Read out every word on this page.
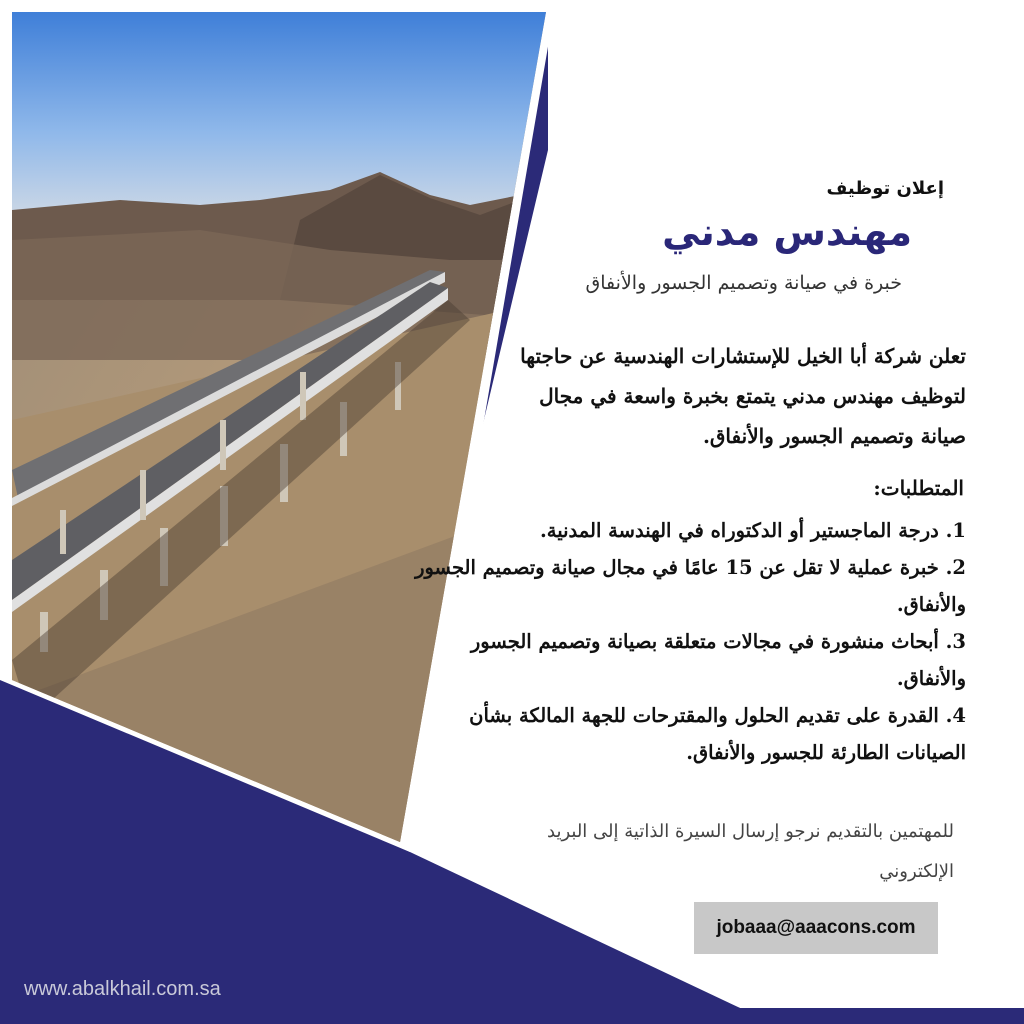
شركة أبا الخيل للإستشارات الهندسية
ABALKHAIL CONSULTING ENGINEERING CO.
إعلان توظيف
مهندس مدني
خبرة في صيانة وتصميم الجسور والأنفاق
تعلن شركة أبا الخيل للإستشارات الهندسية عن حاجتها لتوظيف مهندس مدني يتمتع بخبرة واسعة في مجال صيانة وتصميم الجسور والأنفاق.
المتطلبات:
1. درجة الماجستير أو الدكتوراه في الهندسة المدنية.
2. خبرة عملية لا تقل عن 15 عامًا في مجال صيانة وتصميم الجسور والأنفاق.
3. أبحاث منشورة في مجالات متعلقة بصيانة وتصميم الجسور والأنفاق.
4. القدرة على تقديم الحلول والمقترحات للجهة المالكة بشأن الصيانات الطارئة للجسور والأنفاق.
للمهتمين بالتقديم نرجو إرسال السيرة الذاتية إلى البريد الإلكتروني
jobaaa@aaacons.com
www.abalkhail.com.sa
